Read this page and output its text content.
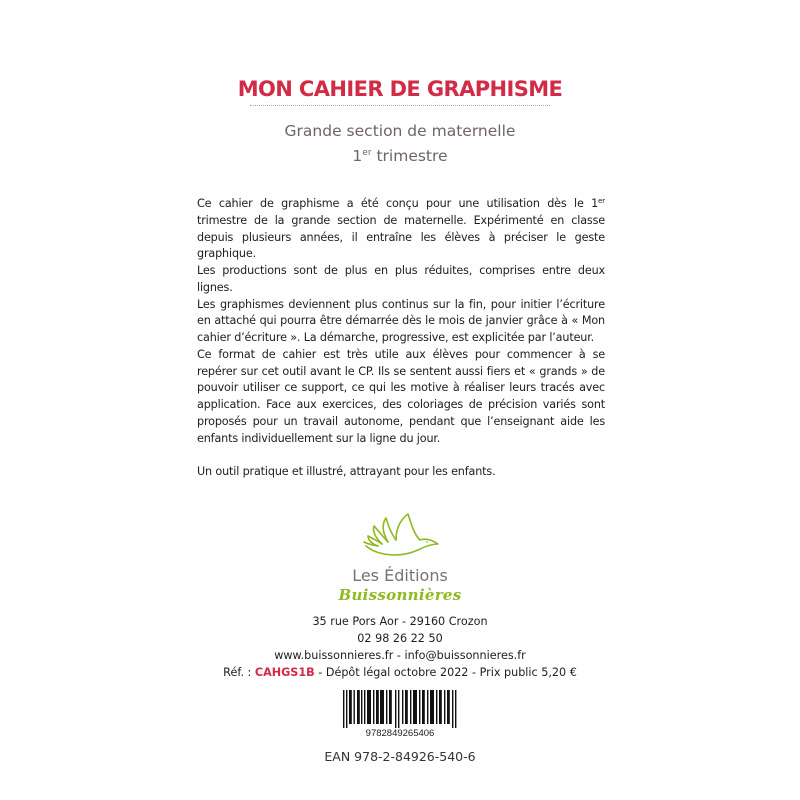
MON CAHIER DE GRAPHISME
Grande section de maternelle
1er trimestre

Ce cahier de graphisme a été conçu pour une utilisation dès le 1er trimestre de la grande section de maternelle. Expérimenté en classe depuis plusieurs années, il entraîne les élèves à préciser le geste graphique.

Les productions sont de plus en plus réduites, comprises entre deux lignes.

Les graphismes deviennent plus continus sur la fin, pour initier l’écriture en attaché qui pourra être démarrée dès le mois de janvier grâce à « Mon cahier d’écriture ». La démarche, progressive, est explicitée par l’auteur.

Ce format de cahier est très utile aux élèves pour commencer à se repérer sur cet outil avant le CP. Ils se sentent aussi fiers et « grands » de pouvoir utiliser ce support, ce qui les motive à réaliser leurs tracés avec application. Face aux exercices, des coloriages de précision variés sont proposés pour un travail autonome, pendant que l’enseignant aide les enfants individuellement sur la ligne du jour.

Un outil pratique et illustré, attrayant pour les enfants.

Les Éditions
Buissonnières
35 rue Pors Aor - 29160 Crozon
02 98 26 22 50
www.buissonnieres.fr - info@buissonnieres.fr
Réf. : CAHGS1B - Dépôt légal octobre 2022 - Prix public 5,20 €
9782849265406
EAN 978-2-84926-540-6
